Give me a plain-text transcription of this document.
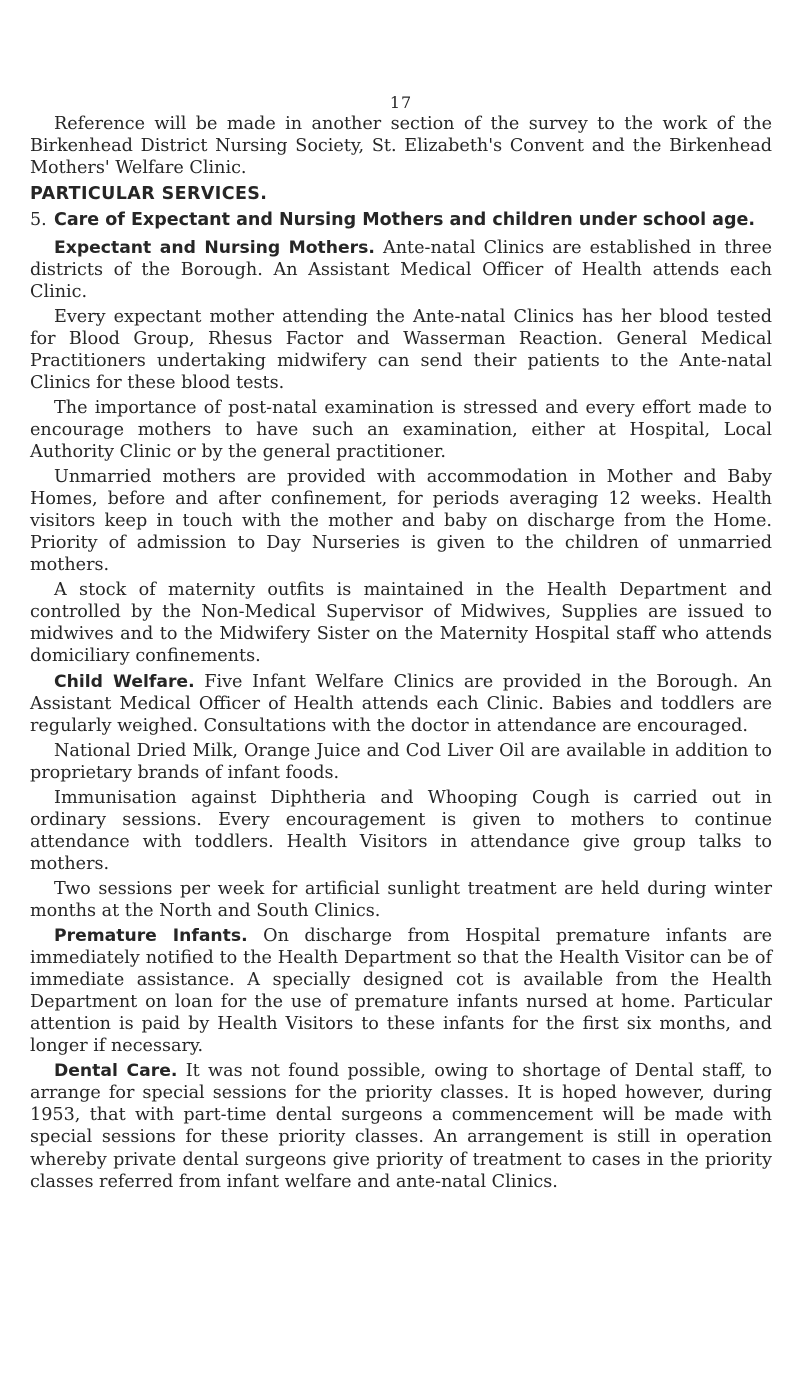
17

Reference will be made in another section of the survey to the work of the Birkenhead District Nursing Society, St. Elizabeth's Convent and the Birkenhead Mothers' Welfare Clinic.

PARTICULAR SERVICES.
5. Care of Expectant and Nursing Mothers and children under school age.

Expectant and Nursing Mothers. Ante-natal Clinics are established in three districts of the Borough. An Assistant Medical Officer of Health attends each Clinic.

Every expectant mother attending the Ante-natal Clinics has her blood tested for Blood Group, Rhesus Factor and Wasserman Reaction. General Medical Practitioners undertaking midwifery can send their patients to the Ante-natal Clinics for these blood tests.

The importance of post-natal examination is stressed and every effort made to encourage mothers to have such an examination, either at Hospital, Local Authority Clinic or by the general practitioner.

Unmarried mothers are provided with accommodation in Mother and Baby Homes, before and after confinement, for periods averaging 12 weeks. Health visitors keep in touch with the mother and baby on discharge from the Home. Priority of admission to Day Nurseries is given to the children of unmarried mothers.

A stock of maternity outfits is maintained in the Health Department and controlled by the Non-Medical Supervisor of Midwives, Supplies are issued to midwives and to the Midwifery Sister on the Maternity Hospital staff who attends domiciliary confinements.

Child Welfare. Five Infant Welfare Clinics are provided in the Borough. An Assistant Medical Officer of Health attends each Clinic. Babies and toddlers are regularly weighed. Consultations with the doctor in attendance are encouraged.

National Dried Milk, Orange Juice and Cod Liver Oil are available in addition to proprietary brands of infant foods.

Immunisation against Diphtheria and Whooping Cough is carried out in ordinary sessions. Every encouragement is given to mothers to continue attendance with toddlers. Health Visitors in attendance give group talks to mothers.

Two sessions per week for artificial sunlight treatment are held during winter months at the North and South Clinics.

Premature Infants. On discharge from Hospital premature infants are immediately notified to the Health Department so that the Health Visitor can be of immediate assistance. A specially designed cot is available from the Health Department on loan for the use of premature infants nursed at home. Particular attention is paid by Health Visitors to these infants for the first six months, and longer if necessary.

Dental Care. It was not found possible, owing to shortage of Dental staff, to arrange for special sessions for the priority classes. It is hoped however, during 1953, that with part-time dental surgeons a commencement will be made with special sessions for these priority classes. An arrangement is still in operation whereby private dental surgeons give priority of treatment to cases in the priority classes referred from infant welfare and ante-natal Clinics.
